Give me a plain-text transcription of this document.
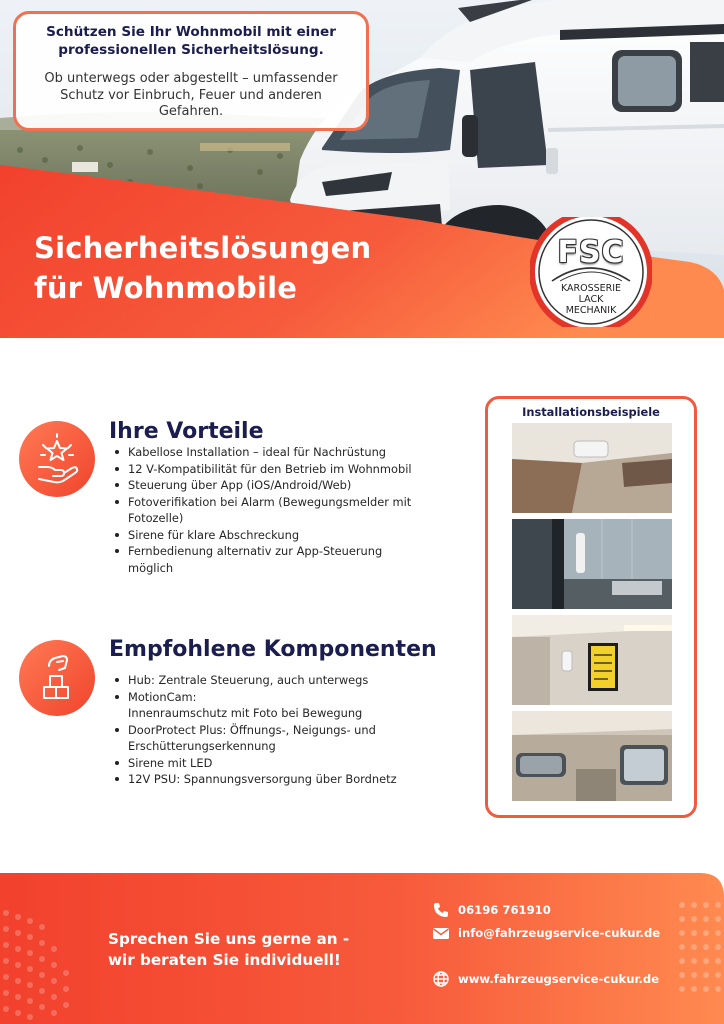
Schützen Sie Ihr Wohnmobil mit einer professionellen Sicherheitslösung.

Ob unterwegs oder abgestellt – umfassender Schutz vor Einbruch, Feuer und anderen Gefahren.

Sicherheitslösungen
für Wohnmobile
FSC
KAROSSERIE
LACK
MECHANIK
Ihre Vorteile
Kabellose Installation – ideal für Nachrüstung
12 V-Kompatibilität für den Betrieb im Wohnmobil
Steuerung über App (iOS/Android/Web)
Fotoverifikation bei Alarm (Bewegungsmelder mit
Fotozelle)
Sirene für klare Abschreckung
Fernbedienung alternativ zur App-Steuerung
möglich
Empfohlene Komponenten
Hub: Zentrale Steuerung, auch unterwegs
MotionCam:
Innenraumschutz mit Foto bei Bewegung
DoorProtect Plus: Öffnungs-, Neigungs- und
Erschütterungserkennung
Sirene mit LED
12V PSU: Spannungsversorgung über Bordnetz

Installationsbeispiele

Sprechen Sie uns gerne an -
wir beraten Sie individuell!

06196 761910
info@fahrzeugservice-cukur.de
www.fahrzeugservice-cukur.de
